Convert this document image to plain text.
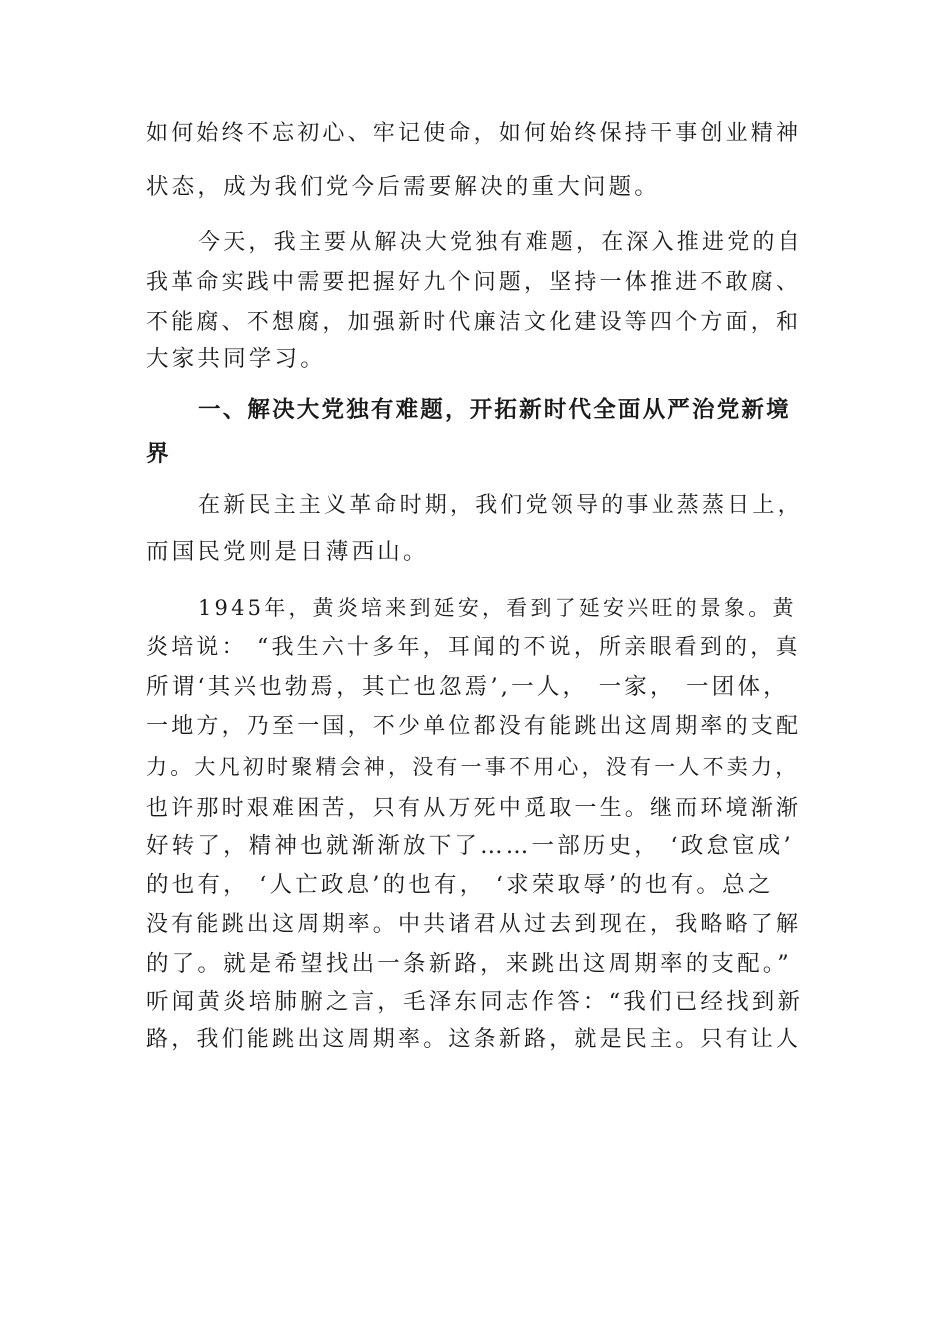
如何始终不忘初心、牢记使命，如何始终保持干事创业精神
状态，成为我们党今后需要解决的重大问题。
今天，我主要从解决大党独有难题，在深入推进党的自
我革命实践中需要把握好九个问题，坚持一体推进不敢腐、
不能腐、不想腐，加强新时代廉洁文化建设等四个方面，和
大家共同学习。
一、解决大党独有难题，开拓新时代全面从严治党新境
界
在新民主主义革命时期，我们党领导的事业蒸蒸日上，
而国民党则是日薄西山。
1945年，黄炎培来到延安，看到了延安兴旺的景象。黄
炎培说： “我生六十多年，耳闻的不说，所亲眼看到的，真
所谓‘其兴也勃焉，其亡也忽焉’,一人， 一家， 一团体，
一地方，乃至一国，不少单位都没有能跳出这周期率的支配
力。大凡初时聚精会神，没有一事不用心，没有一人不卖力，
也许那时艰难困苦，只有从万死中觅取一生。继而环境渐渐
好转了，精神也就渐渐放下了……一部历史， ‘政怠宦成’
的也有， ‘人亡政息’的也有， ‘求荣取辱’的也有。总之
没有能跳出这周期率。中共诸君从过去到现在，我略略了解
的了。就是希望找出一条新路，来跳出这周期率的支配。”
听闻黄炎培肺腑之言，毛泽东同志作答：“我们已经找到新
路，我们能跳出这周期率。这条新路，就是民主。只有让人
